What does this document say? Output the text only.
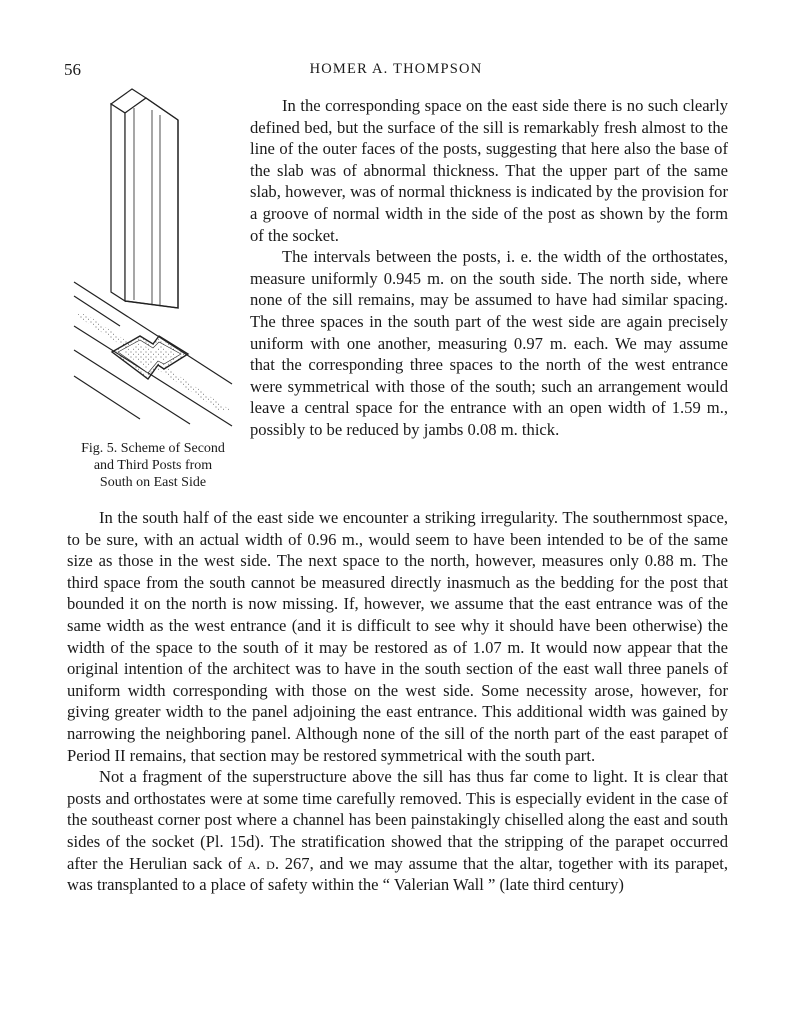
56	HOMER A. THOMPSON
Fig. 5. Scheme of Second
and Third Posts from
South on East Side

In the corresponding space on the east side there is no such clearly defined bed, but the surface of the sill is remarkably fresh almost to the line of the outer faces of the posts, suggesting that here also the base of the slab was of abnormal thickness. That the upper part of the same slab, however, was of normal thickness is indicated by the provision for a groove of normal width in the side of the post as shown by the form of the socket.

The intervals between the posts, i. e. the width of the orthostates, measure uniformly 0.945 m. on the south side. The north side, where none of the sill remains, may be assumed to have had similar spacing. The three spaces in the south part of the west side are again precisely uniform with one another, measuring 0.97 m. each. We may assume that the corresponding three spaces to the north of the west entrance were symmetrical with those of the south; such an arrangement would leave a central space for the entrance with an open width of 1.59 m., possibly to be reduced by jambs 0.08 m. thick.

In the south half of the east side we encounter a striking irregularity. The southernmost space, to be sure, with an actual width of 0.96 m., would seem to have been intended to be of the same size as those in the west side. The next space to the north, however, measures only 0.88 m. The third space from the south cannot be measured directly inasmuch as the bedding for the post that bounded it on the north is now missing. If, however, we assume that the east entrance was of the same width as the west entrance (and it is difficult to see why it should have been otherwise) the width of the space to the south of it may be restored as of 1.07 m. It would now appear that the original intention of the architect was to have in the south section of the east wall three panels of uniform width corresponding with those on the west side. Some necessity arose, however, for giving greater width to the panel adjoining the east entrance. This additional width was gained by narrowing the neighboring panel. Although none of the sill of the north part of the east parapet of Period II remains, that section may be restored symmetrical with the south part.

Not a fragment of the superstructure above the sill has thus far come to light. It is clear that posts and orthostates were at some time carefully removed. This is especially evident in the case of the southeast corner post where a channel has been painstakingly chiselled along the east and south sides of the socket (Pl. 15d). The stratification showed that the stripping of the parapet occurred after the Herulian sack of a. d. 267, and we may assume that the altar, together with its parapet, was transplanted to a place of safety within the “ Valerian Wall ” (late third century)
